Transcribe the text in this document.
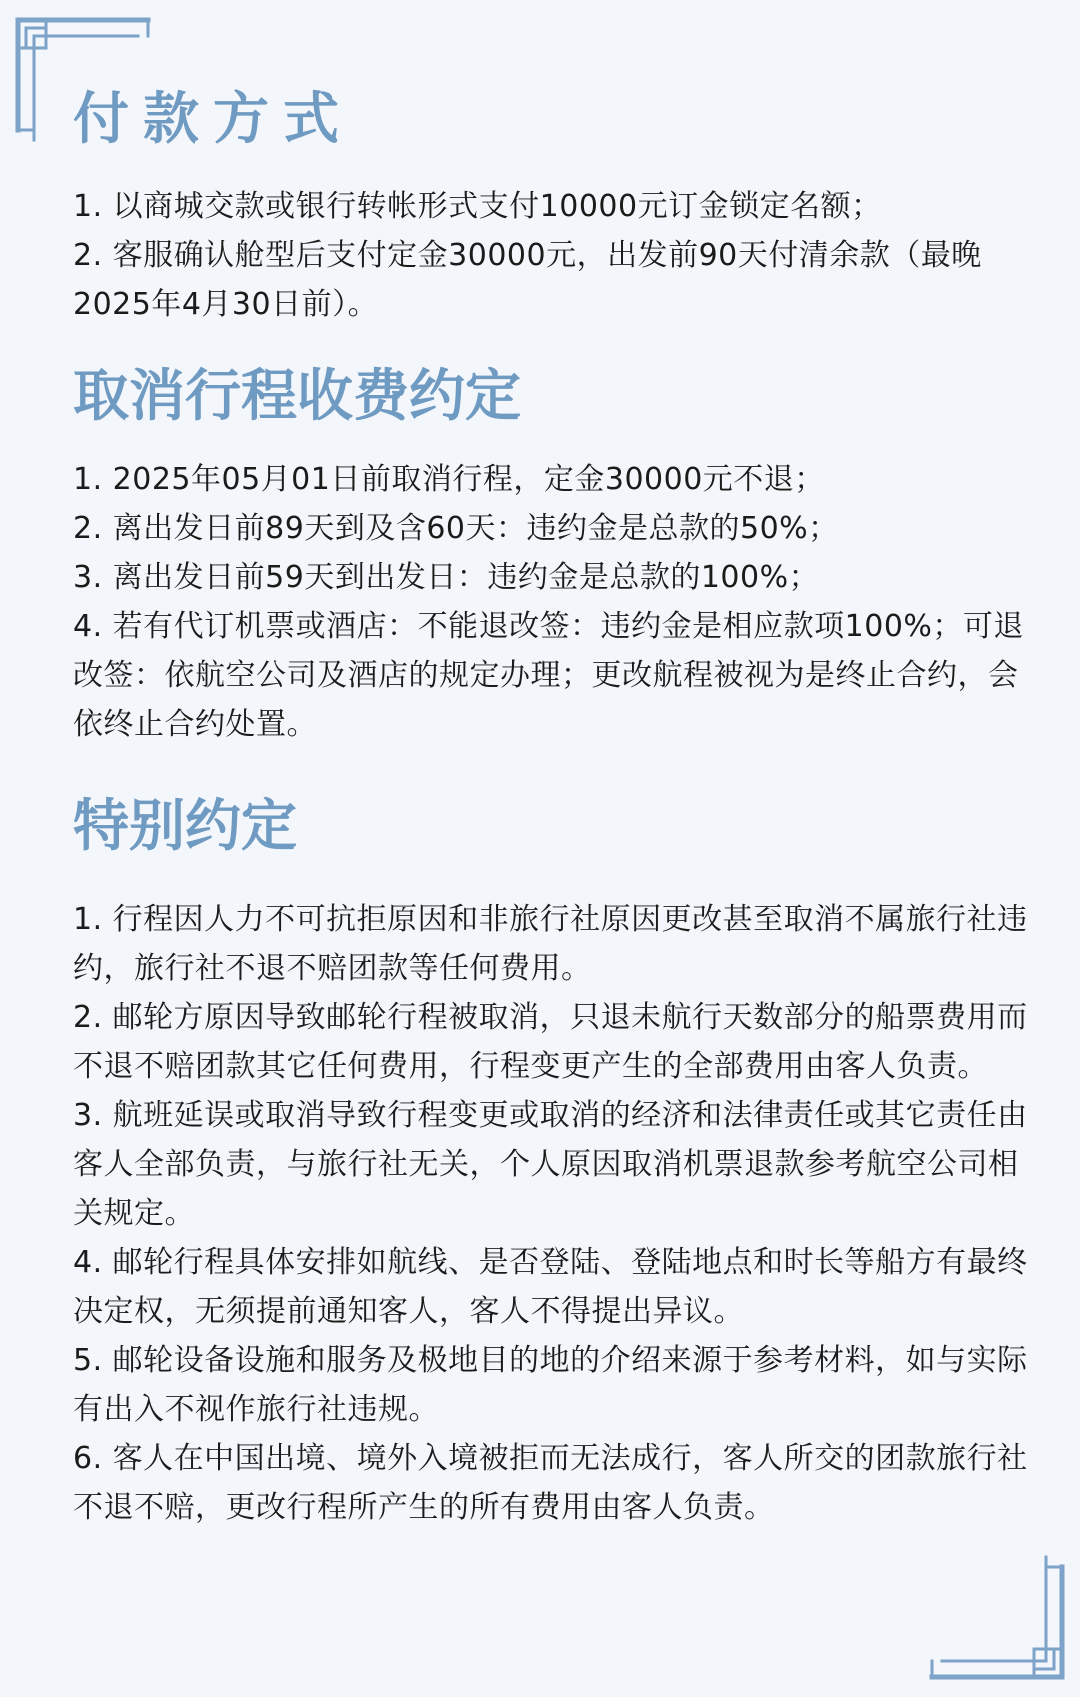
付款方式

1. 以商城交款或银行转帐形式支付10000元订金锁定名额；
2. 客服确认舱型后支付定金30000元，出发前90天付清余款（最晚2025年4月30日前）。

取消行程收费约定

1. 2025年05月01日前取消行程，定金30000元不退；
2. 离出发日前89天到及含60天：违约金是总款的50%；
3. 离出发日前59天到出发日：违约金是总款的100%；
4. 若有代订机票或酒店：不能退改签：违约金是相应款项100%；可退改签：依航空公司及酒店的规定办理；更改航程被视为是终止合约，会依终止合约处置。

特别约定

1. 行程因人力不可抗拒原因和非旅行社原因更改甚至取消不属旅行社违约，旅行社不退不赔团款等任何费用。
2. 邮轮方原因导致邮轮行程被取消，只退未航行天数部分的船票费用而不退不赔团款其它任何费用，行程变更产生的全部费用由客人负责。
3. 航班延误或取消导致行程变更或取消的经济和法律责任或其它责任由客人全部负责，与旅行社无关，个人原因取消机票退款参考航空公司相关规定。
4. 邮轮行程具体安排如航线、是否登陆、登陆地点和时长等船方有最终决定权，无须提前通知客人，客人不得提出异议。
5. 邮轮设备设施和服务及极地目的地的介绍来源于参考材料，如与实际有出入不视作旅行社违规。
6. 客人在中国出境、境外入境被拒而无法成行，客人所交的团款旅行社不退不赔，更改行程所产生的所有费用由客人负责。
